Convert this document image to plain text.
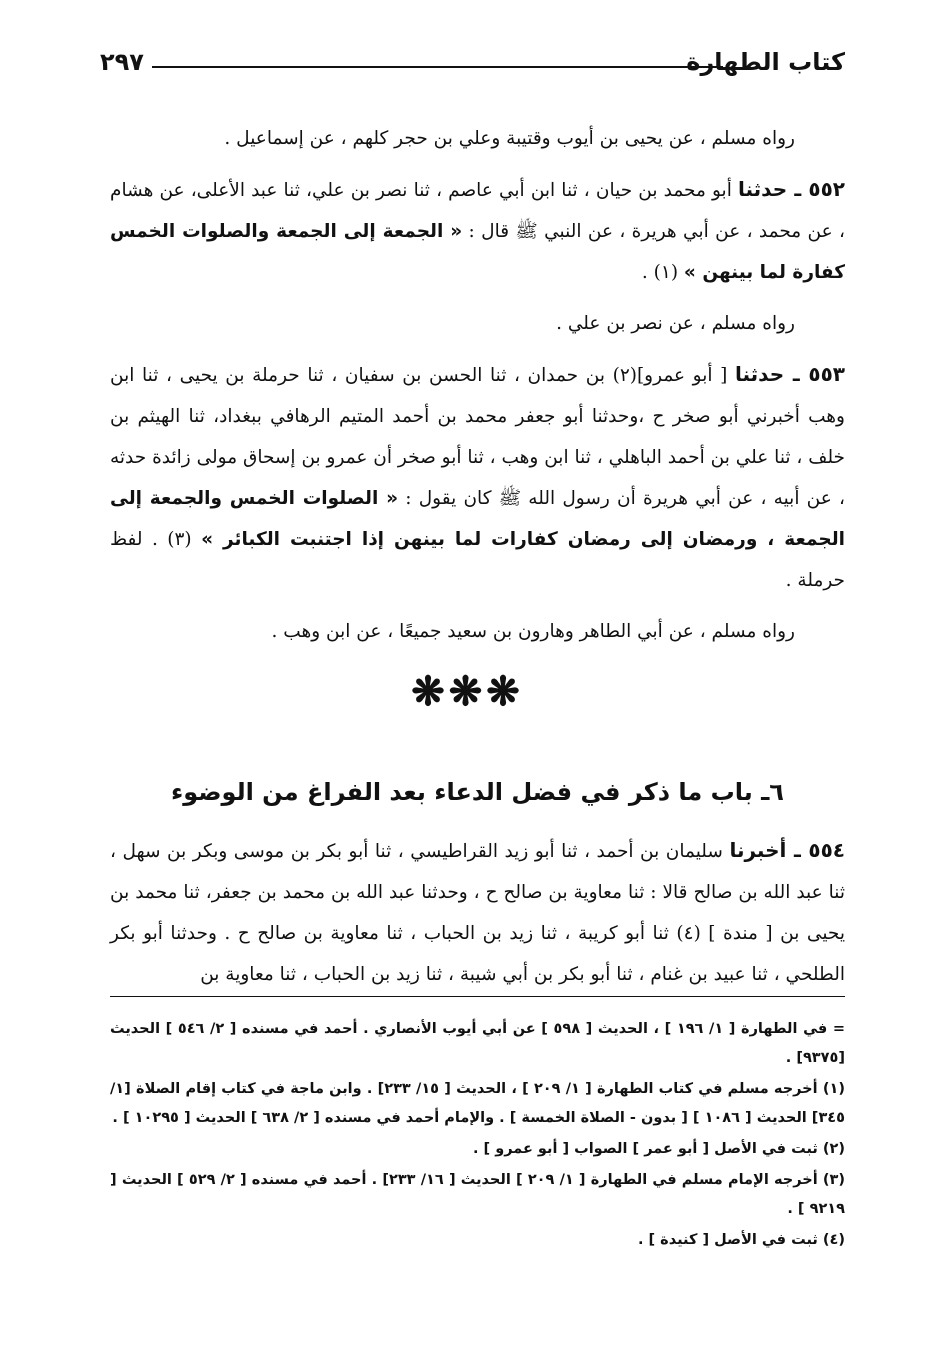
كتاب الطهارة
٢٩٧

رواه مسلم ، عن يحيى بن أيوب وقتيبة وعلي بن حجر كلهم ، عن إسماعيل .

٥٥٢ ـ حدثنا أبو محمد بن حيان ، ثنا ابن أبي عاصم ، ثنا نصر بن علي، ثنا عبد الأعلى، عن هشام ، عن محمد ، عن أبي هريرة ، عن النبي ﷺ قال : « الجمعة إلى الجمعة والصلوات الخمس كفارة لما بينهن » (١) .

رواه مسلم ، عن نصر بن علي .

٥٥٣ ـ حدثنا [ أبو عمرو](٢) بن حمدان ، ثنا الحسن بن سفيان ، ثنا حرملة بن يحيى ، ثنا ابن وهب أخبرني أبو صخر ح ،وحدثنا أبو جعفر محمد بن أحمد المتيم الرهافي ببغداد، ثنا الهيثم بن خلف ، ثنا علي بن أحمد الباهلي ، ثنا ابن وهب ، ثنا أبو صخر أن عمرو بن إسحاق مولى زائدة حدثه ، عن أبيه ، عن أبي هريرة أن رسول الله ﷺ كان يقول : « الصلوات الخمس والجمعة إلى الجمعة ، ورمضان إلى رمضان كفارات لما بينهن إذا اجتنبت الكبائر » (٣) . لفظ حرملة .

رواه مسلم ، عن أبي الطاهر وهارون بن سعيد جميعًا ، عن ابن وهب .

❋❋❋
٦ـ باب ما ذكر في فضل الدعاء بعد الفراغ من الوضوء

٥٥٤ ـ أخبرنا سليمان بن أحمد ، ثنا أبو زيد القراطيسي ، ثنا أبو بكر بن موسى وبكر بن سهل ، ثنا عبد الله بن صالح قالا : ثنا معاوية بن صالح ح ، وحدثنا عبد الله بن محمد بن جعفر، ثنا محمد بن يحيى بن [ مندة ] (٤) ثنا أبو كريبة ، ثنا زيد بن الحباب ، ثنا معاوية بن صالح ح . وحدثنا أبو بكر الطلحي ، ثنا عبيد بن غنام ، ثنا أبو بكر بن أبي شيبة ، ثنا زيد بن الحباب ، ثنا معاوية بن

= في الطهارة [ ١/ ١٩٦ ] ، الحديث [ ٥٩٨ ] عن أبي أيوب الأنصاري . أحمد في مسنده [ ٢/ ٥٤٦ ] الحديث [٩٣٧٥] .

(١) أخرجه مسلم في كتاب الطهارة [ ١/ ٢٠٩ ] ، الحديث [ ١٥/ ٢٣٣] . وابن ماجة في كتاب إقام الصلاة [١/ ٣٤٥] الحديث [ ١٠٨٦ ] [ بدون - الصلاة الخمسة ] . والإمام أحمد في مسنده [ ٢/ ٦٣٨ ] الحديث [ ١٠٢٩٥ ] .

(٢) ثبت في الأصل [ أبو عمر ] الصواب [ أبو عمرو ] .

(٣) أخرجه الإمام مسلم في الطهارة [ ١/ ٢٠٩ ] الحديث [ ١٦/ ٢٣٣] . أحمد في مسنده [ ٢/ ٥٢٩ ] الحديث [ ٩٢١٩ ] .

(٤) ثبت في الأصل [ كنيدة ] .
